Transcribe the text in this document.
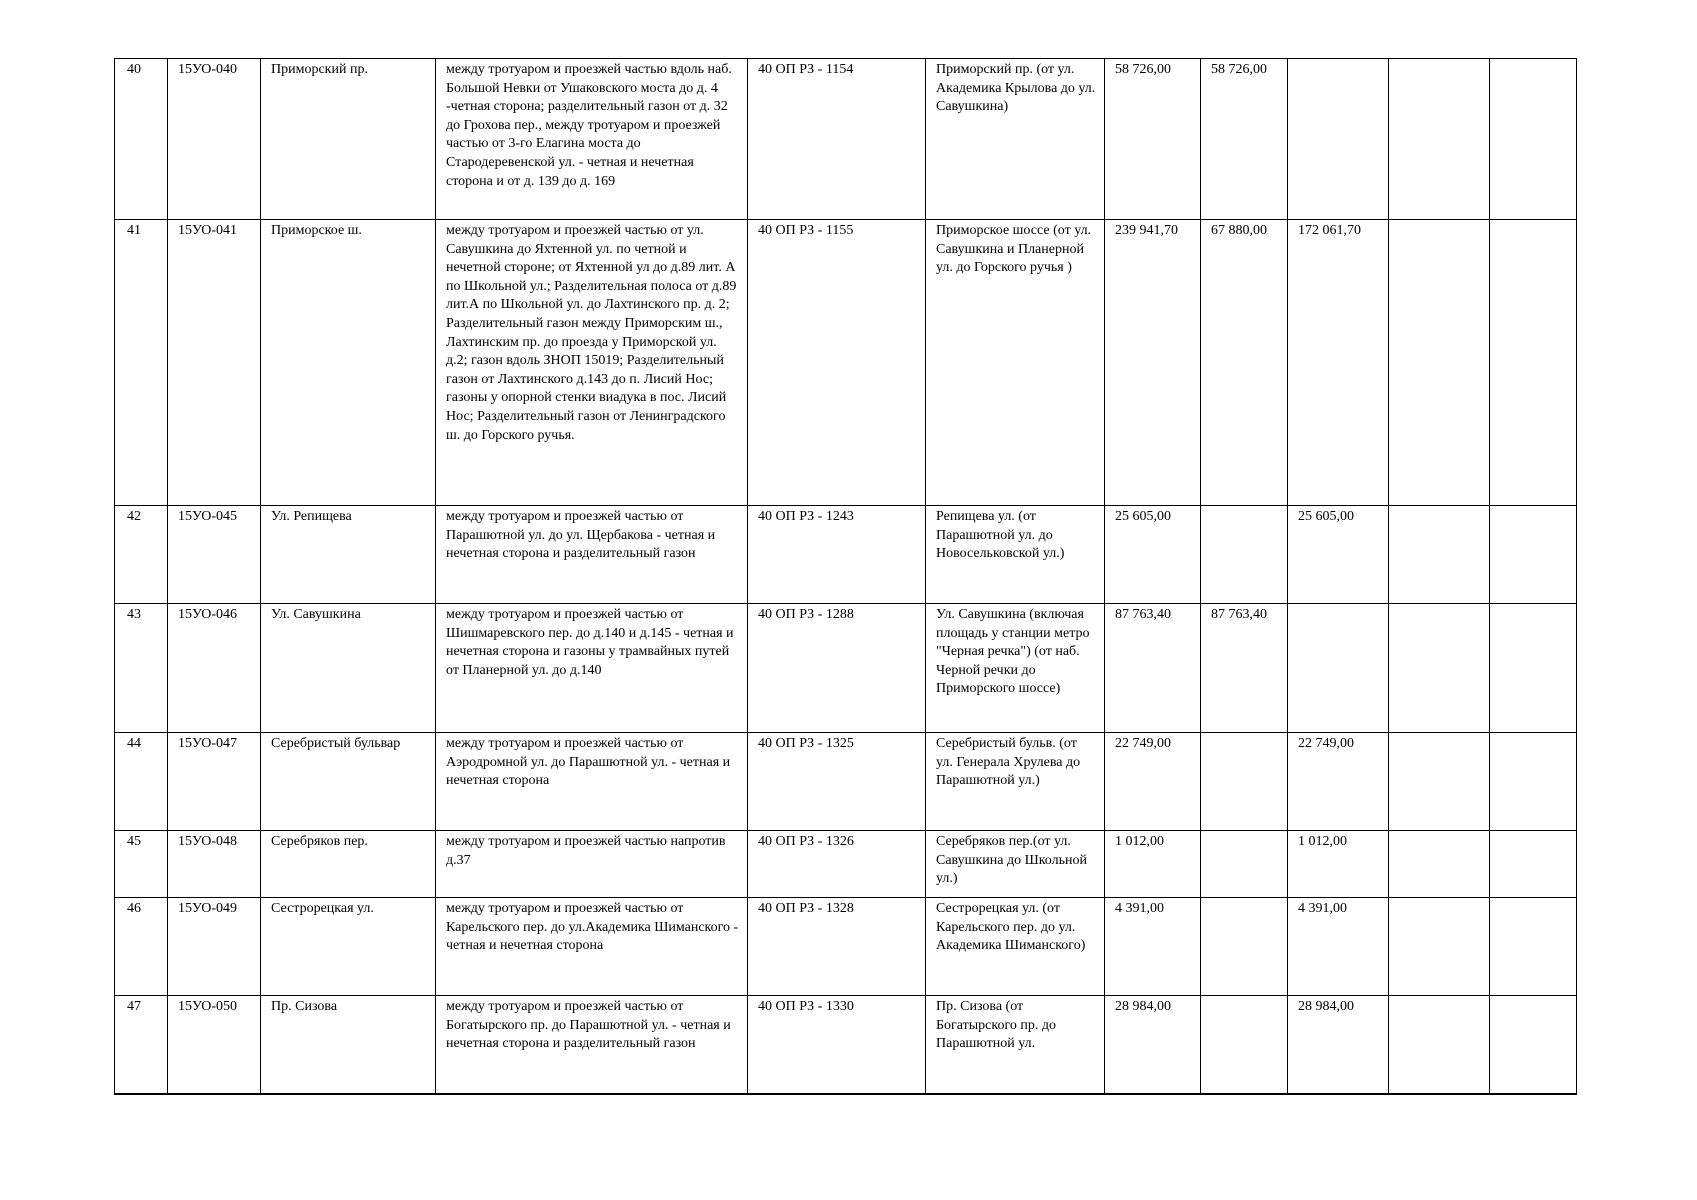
40	15УО-040	Приморский пр.	между тротуаром и проезжей частью вдоль наб. Большой Невки от Ушаковского моста до д. 4 -четная сторона; разделительный газон от д. 32 до Грохова пер., между тротуаром и проезжей частью от 3-го Елагина моста до Стародеревенской ул. - четная и нечетная сторона и от д. 139 до д. 169	40 ОП РЗ - 1154	Приморский пр. (от ул. Академика Крылова до ул. Савушкина)	58 726,00	58 726,00			
41	15УО-041	Приморское ш.	между тротуаром и проезжей частью от ул. Савушкина до Яхтенной ул. по четной и нечетной стороне; от Яхтенной ул до д.89 лит. А по Школьной ул.; Разделительная полоса от д.89 лит.А по Школьной ул. до Лахтинского пр. д. 2; Разделительный газон между Приморским ш., Лахтинским пр. до проезда у Приморской ул. д.2; газон вдоль ЗНОП 15019; Разделительный газон от Лахтинского д.143 до п. Лисий Нос; газоны у опорной стенки виадука в пос. Лисий Нос; Разделительный газон от Ленинградского ш. до Горского ручья.	40 ОП РЗ - 1155	Приморское шоссе (от ул. Савушкина и Планерной ул. до Горского ручья )	239 941,70	67 880,00	172 061,70		
42	15УО-045	Ул. Репищева	между тротуаром и проезжей частью от Парашютной ул. до ул. Щербакова - четная и нечетная сторона и разделительный газон	40 ОП РЗ - 1243	Репищева ул. (от Парашютной ул. до Новосельковской ул.)	25 605,00		25 605,00		
43	15УО-046	Ул. Савушкина	между тротуаром и проезжей частью от Шишмаревского пер. до д.140 и д.145 - четная и нечетная сторона и газоны у трамвайных путей от Планерной ул. до д.140	40 ОП РЗ - 1288	Ул. Савушкина (включая площадь у станции метро "Черная речка") (от наб. Черной речки до Приморского шоссе)	87 763,40	87 763,40			
44	15УО-047	Серебристый бульвар	между тротуаром и проезжей частью от Аэродромной ул. до Парашютной ул. - четная и нечетная сторона	40 ОП РЗ - 1325	Серебристый бульв. (от ул. Генерала Хрулева до Парашютной ул.)	22 749,00		22 749,00		
45	15УО-048	Серебряков пер.	между тротуаром и проезжей частью напротив д.37	40 ОП РЗ - 1326	Серебряков пер.(от ул. Савушкина до Школьной ул.)	1 012,00		1 012,00		
46	15УО-049	Сестрорецкая ул.	между тротуаром и проезжей частью от Карельского пер. до ул.Академика Шиманского - четная и нечетная сторона	40 ОП РЗ - 1328	Сестрорецкая ул. (от Карельского пер. до ул. Академика Шиманского)	4 391,00		4 391,00		
47	15УО-050	Пр. Сизова	между тротуаром и проезжей частью от Богатырского пр. до Парашютной ул. - четная и нечетная сторона и разделительный газон	40 ОП РЗ - 1330	Пр. Сизова (от Богатырского пр. до Парашютной ул.	28 984,00		28 984,00		
